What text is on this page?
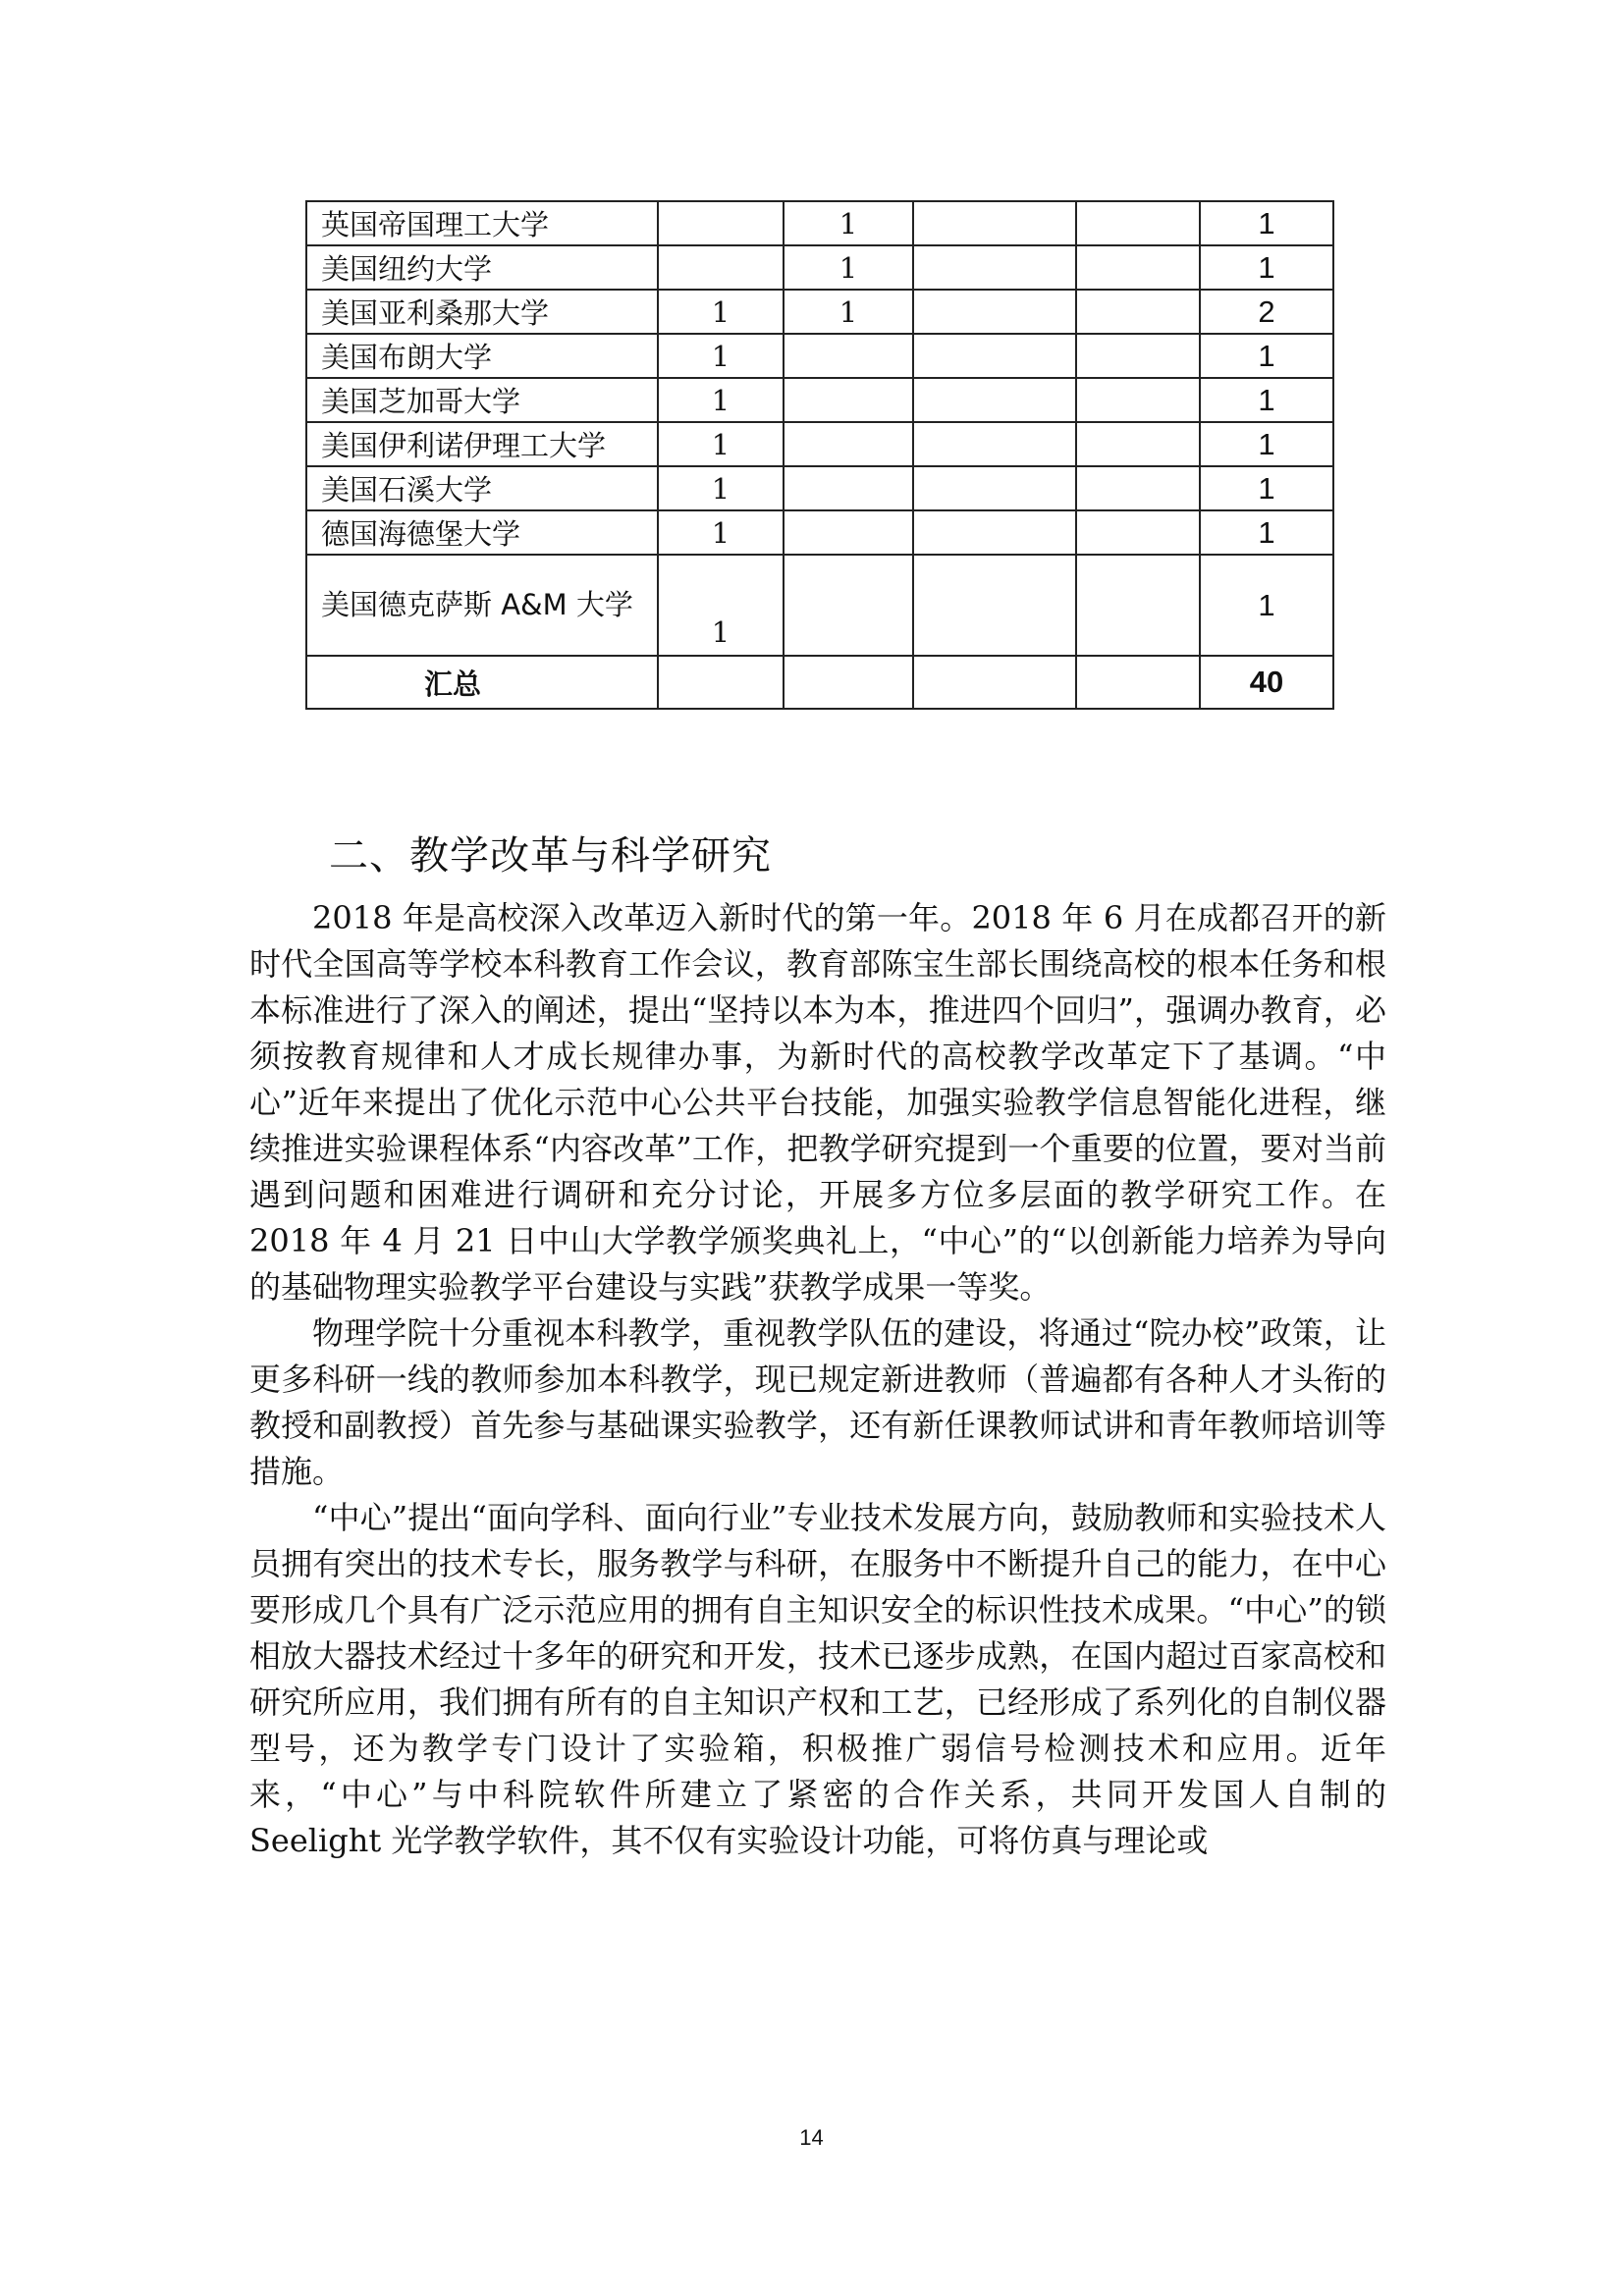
英国帝国理工大学		1			1
美国纽约大学		1			1
美国亚利桑那大学	1	1			2
美国布朗大学	1				1
美国芝加哥大学	1				1
美国伊利诺伊理工大学	1				1
美国石溪大学	1				1
德国海德堡大学	1				1
美国德克萨斯 A&M 大学	1				1
汇总					40
二、教学改革与科学研究

2018 年是高校深入改革迈入新时代的第一年。2018 年 6 月在成都召开的新时代全国高等学校本科教育工作会议，教育部陈宝生部长围绕高校的根本任务和根本标准进行了深入的阐述，提出“坚持以本为本，推进四个回归”，强调办教育，必须按教育规律和人才成长规律办事，为新时代的高校教学改革定下了基调。“中心”近年来提出了优化示范中心公共平台技能，加强实验教学信息智能化进程，继续推进实验课程体系“内容改革”工作，把教学研究提到一个重要的位置，要对当前遇到问题和困难进行调研和充分讨论，开展多方位多层面的教学研究工作。在 2018 年 4 月 21 日中山大学教学颁奖典礼上，“中心”的“以创新能力培养为导向的基础物理实验教学平台建设与实践”获教学成果一等奖。

物理学院十分重视本科教学，重视教学队伍的建设，将通过“院办校”政策，让更多科研一线的教师参加本科教学，现已规定新进教师（普遍都有各种人才头衔的教授和副教授）首先参与基础课实验教学，还有新任课教师试讲和青年教师培训等措施。

“中心”提出“面向学科、面向行业”专业技术发展方向，鼓励教师和实验技术人员拥有突出的技术专长，服务教学与科研，在服务中不断提升自己的能力，在中心要形成几个具有广泛示范应用的拥有自主知识安全的标识性技术成果。“中心”的锁相放大器技术经过十多年的研究和开发，技术已逐步成熟，在国内超过百家高校和研究所应用，我们拥有所有的自主知识产权和工艺，已经形成了系列化的自制仪器型号，还为教学专门设计了实验箱，积极推广弱信号检测技术和应用。近年来，“中心”与中科院软件所建立了紧密的合作关系，共同开发国人自制的 Seelight 光学教学软件，其不仅有实验设计功能，可将仿真与理论或

14
